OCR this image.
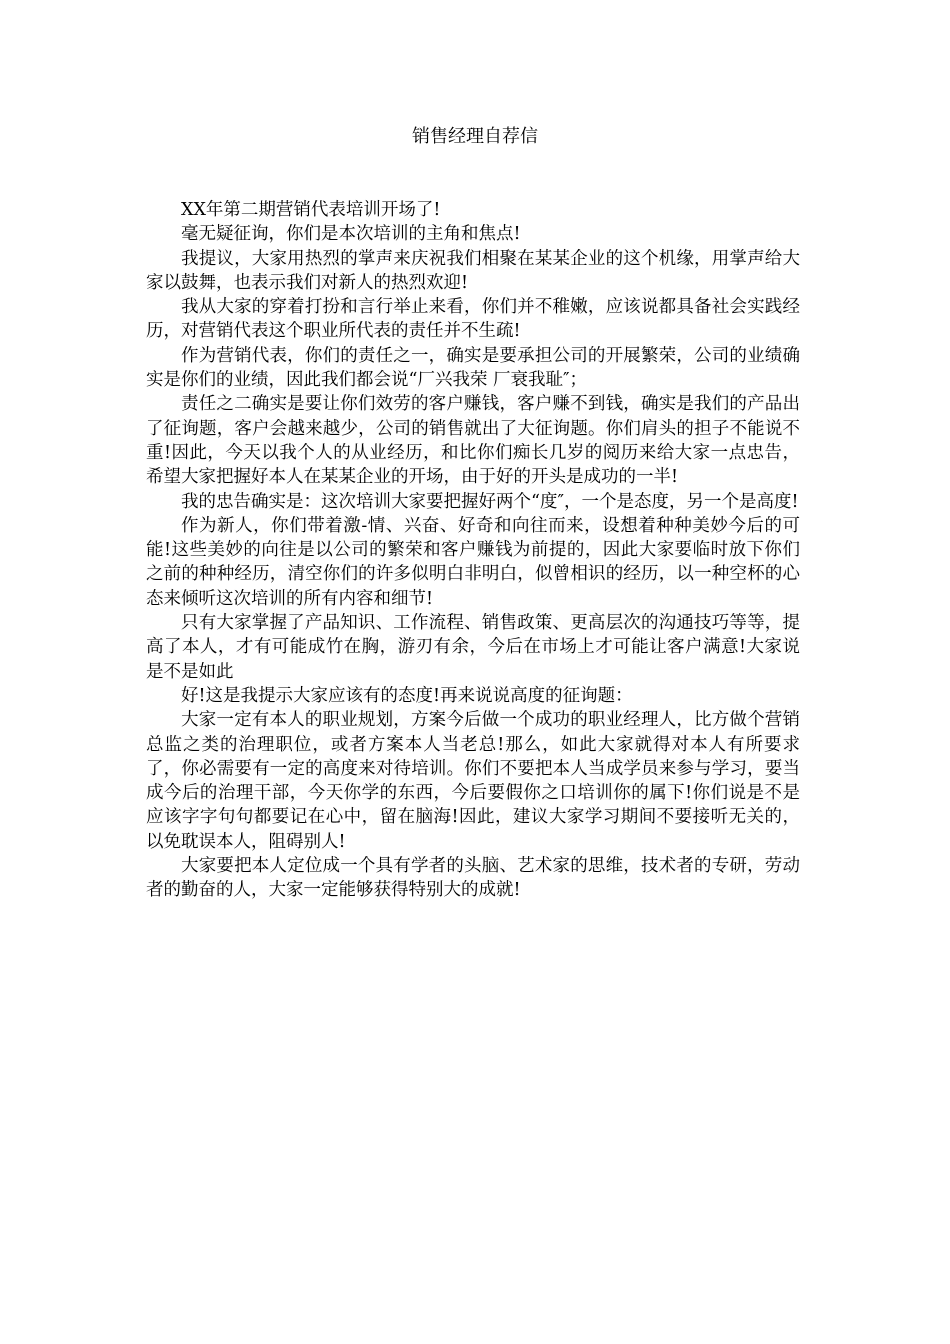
销售经理自荐信

XX年第二期营销代表培训开场了!

毫无疑征询，你们是本次培训的主角和焦点!

我提议，大家用热烈的掌声来庆祝我们相聚在某某企业的这个机缘，用掌声给大家以鼓舞，也表示我们对新人的热烈欢迎!

我从大家的穿着打扮和言行举止来看，你们并不稚嫩，应该说都具备社会实践经历，对营销代表这个职业所代表的责任并不生疏!

作为营销代表，你们的责任之一，确实是要承担公司的开展繁荣，公司的业绩确实是你们的业绩，因此我们都会说“厂兴我荣 厂衰我耻″；

责任之二确实是要让你们效劳的客户赚钱，客户赚不到钱，确实是我们的产品出了征询题，客户会越来越少，公司的销售就出了大征询题。你们肩头的担子不能说不重!因此，今天以我个人的从业经历，和比你们痴长几岁的阅历来给大家一点忠告，希望大家把握好本人在某某企业的开场，由于好的开头是成功的一半!

我的忠告确实是：这次培训大家要把握好两个“度″，一个是态度，另一个是高度!

作为新人，你们带着激-情、兴奋、好奇和向往而来，设想着种种美妙今后的可能!这些美妙的向往是以公司的繁荣和客户赚钱为前提的，因此大家要临时放下你们之前的种种经历，清空你们的许多似明白非明白，似曾相识的经历，以一种空杯的心态来倾听这次培训的所有内容和细节!

只有大家掌握了产品知识、工作流程、销售政策、更高层次的沟通技巧等等，提高了本人，才有可能成竹在胸，游刃有余，今后在市场上才可能让客户满意!大家说是不是如此

好!这是我提示大家应该有的态度!再来说说高度的征询题：

大家一定有本人的职业规划，方案今后做一个成功的职业经理人，比方做个营销总监之类的治理职位，或者方案本人当老总!那么，如此大家就得对本人有所要求了，你必需要有一定的高度来对待培训。你们不要把本人当成学员来参与学习，要当成今后的治理干部，今天你学的东西，今后要假你之口培训你的属下!你们说是不是应该字字句句都要记在心中，留在脑海!因此，建议大家学习期间不要接听无关的，以免耽误本人，阻碍别人!

大家要把本人定位成一个具有学者的头脑、艺术家的思维，技术者的专研，劳动者的勤奋的人，大家一定能够获得特别大的成就!
